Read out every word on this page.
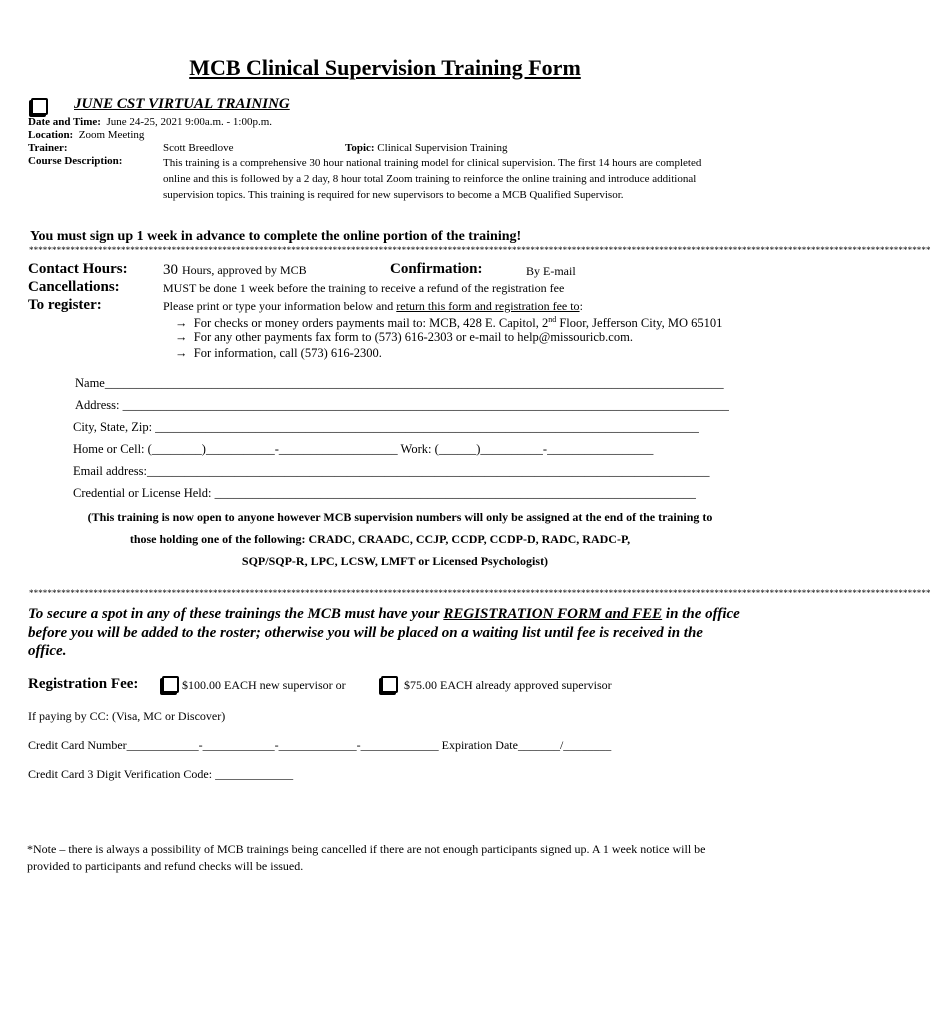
MCB Clinical Supervision Training Form
JUNE CST VIRTUAL TRAINING
Date and Time: June 24-25, 2021 9:00a.m. - 1:00p.m.
Location: Zoom Meeting
Trainer:	Scott Breedlove	Topic: Clinical Supervision Training
Course Description:	This training is a comprehensive 30 hour national training model for clinical supervision. The first 14 hours are completed online and this is followed by a 2 day, 8 hour total Zoom training to reinforce the online training and introduce additional supervision topics. This training is required for new supervisors to become a MCB Qualified Supervisor.
You must sign up 1 week in advance to complete the online portion of the training!
****************************************************************************************************************************************************************************************************
Contact Hours: 30 Hours, approved by MCB	Confirmation:	By E-mail
Cancellations:	MUST be done 1 week before the training to receive a refund of the registration fee
To register:	Please print or type your information below and return this form and registration fee to:
→ For checks or money orders payments mail to: MCB, 428 E. Capitol, 2nd Floor, Jefferson City, MO 65101
→ For any other payments fax form to (573) 616-2303 or e-mail to help@missouricb.com.
→ For information, call (573) 616-2300.
Name___________________________________________________________________________________________________
Address: _________________________________________________________________________________________________
City, State, Zip: _______________________________________________________________________________________
Home or Cell: (________)___________-___________________ Work: (______)__________-_________________
Email address:__________________________________________________________________________________________
Credential or License Held: _____________________________________________________________________________
(This training is now open to anyone however MCB supervision numbers will only be assigned at the end of the training to
those holding one of the following: CRADC, CRAADC, CCJP, CCDP, CCDP-D, RADC, RADC-P,
SQP/SQP-R, LPC, LCSW, LMFT or Licensed Psychologist)
****************************************************************************************************************************************************************************************************
To secure a spot in any of these trainings the MCB must have your REGISTRATION FORM and FEE in the office before you will be added to the roster; otherwise you will be placed on a waiting list until fee is received in the office.
Registration Fee:	$100.00 EACH new supervisor or	$75.00 EACH already approved supervisor
If paying by CC: (Visa, MC or Discover)
Credit Card Number____________-____________-_____________-_____________ Expiration Date_______/________
Credit Card 3 Digit Verification Code: _____________
*Note – there is always a possibility of MCB trainings being cancelled if there are not enough participants signed up. A 1 week notice will be provided to participants and refund checks will be issued.
